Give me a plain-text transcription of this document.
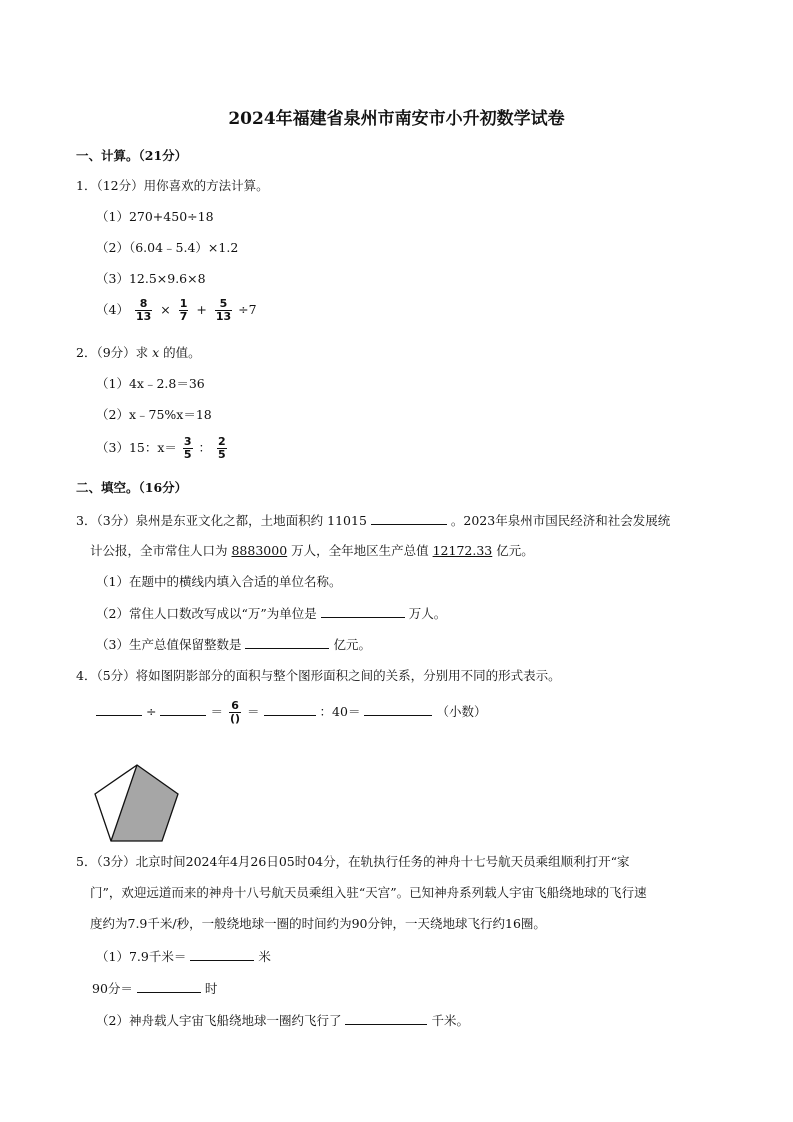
2024年福建省泉州市南安市小升初数学试卷
一、计算。（21分）
1．（12分）用你喜欢的方法计算。
（1）270+450÷18
（2）（6.04﹣5.4）×1.2
（3）12.5×9.6×8
$(4) \frac{8}{13} \times \frac{1}{7} + \frac{5}{13} \div 7$
2．（9分）求 x 的值。
（1）4x﹣2.8＝36
（2）x﹣75%x＝18
（3）15：$x= \frac{3}{5}$ ： $\frac{2}{5}$
二、填空。（16分）
3．（3分）泉州是东亚文化之都，土地面积约 11015	。2023年泉州市国民经济和社会发展统
计公报，全市常住人口为 8883000 万人，全年地区生产总值 12172.33 亿元。
（1）在题中的横线内填入合适的单位名称。
（2）常住人口数改写成以“万”为单位是	万人。
（3）生产总值保留整数是	亿元。
4．（5分）将如图阴影部分的面积与整个图形面积之间的关系，分别用不同的形式表示。
÷	＝ $\frac{6}{()}$ ＝	：40＝	（小数）
5．（3分）北京时间2024年4月26日05时04分，在轨执行任务的神舟十七号航天员乘组顺利打开“家
门”，欢迎远道而来的神舟十八号航天员乘组入驻“天宫”。已知神舟系列载人宇宙飞船绕地球的飞行速
度约为7.9千米/秒，一般绕地球一圈的时间约为90分钟，一天绕地球飞行约16圈。
（1）7.9千米＝	米
90分＝	时
（2）神舟载人宇宙飞船绕地球一圈约飞行了	千米。
